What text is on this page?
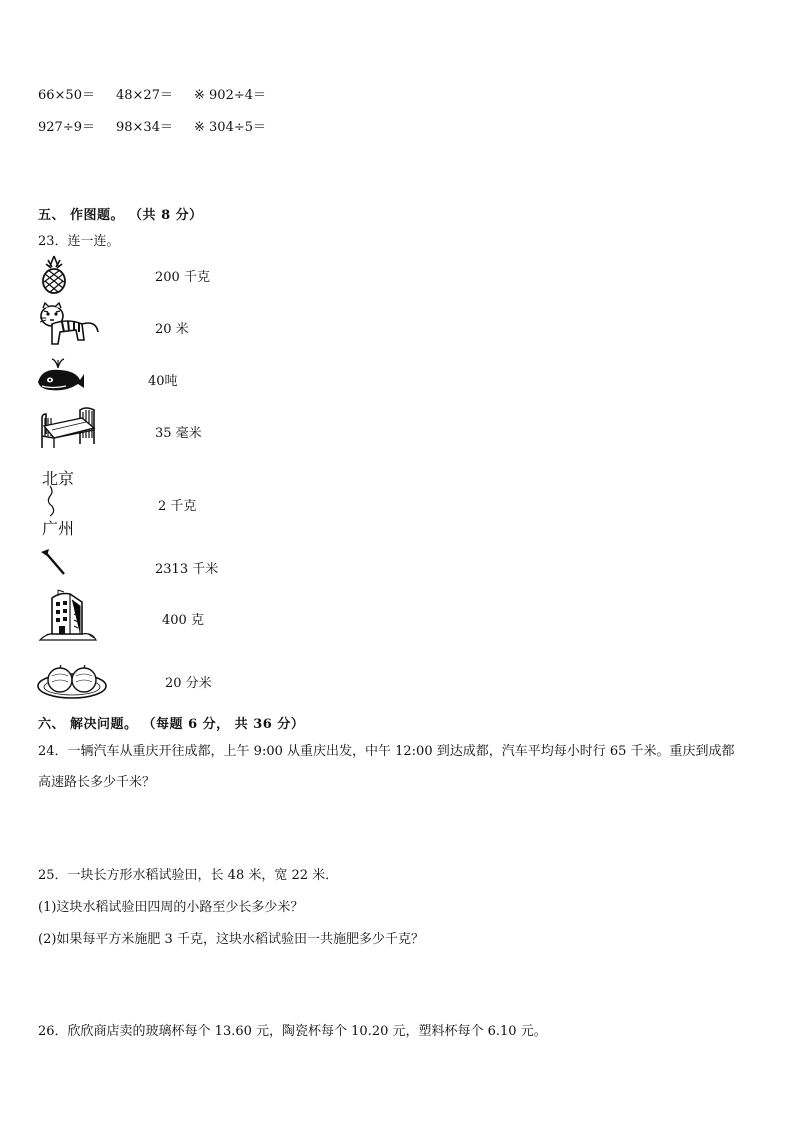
66×50＝ 48×27＝ ※ 902÷4＝
927÷9＝ 98×34＝ ※ 304÷5＝
五、 作图题。 （共 8 分）
23．连一连。
200 千克
20 米
40吨
35 毫米
北京
广州
2 千克
2313 千米
400 克
20 分米
六、 解决问题。 （每题 6 分， 共 36 分）
24．一辆汽车从重庆开往成都，上午 9:00 从重庆出发，中午 12:00 到达成都，汽车平均每小时行 65 千米。重庆到成都
高速路长多少千米？
25．一块长方形水稻试验田，长 48 米，宽 22 米．
(1)这块水稻试验田四周的小路至少长多少米？
(2)如果每平方米施肥 3 千克，这块水稻试验田一共施肥多少千克？
26．欣欣商店卖的玻璃杯每个 13.60 元，陶瓷杯每个 10.20 元，塑料杯每个 6.10 元。
